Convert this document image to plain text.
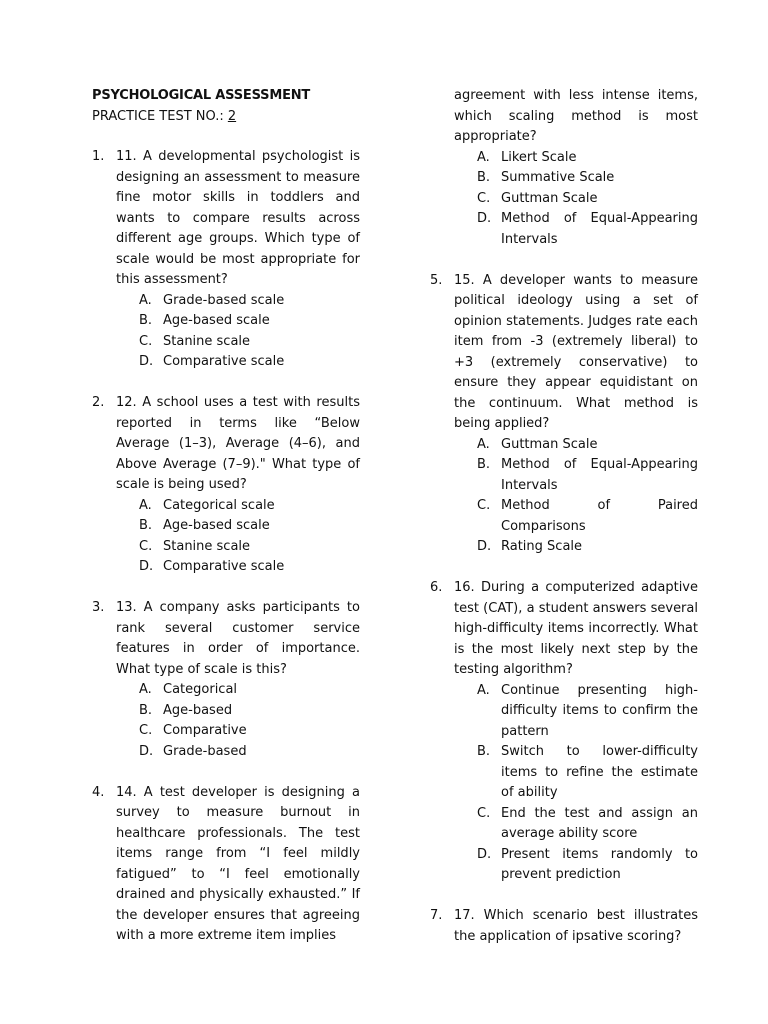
PSYCHOLOGICAL ASSESSMENT

PRACTICE TEST NO.: 2

1. 11. A developmental psychologist is designing an assessment to measure fine motor skills in toddlers and wants to compare results across different age groups. Which type of scale would be most appropriate for this assessment?

A. Grade-based scale
B. Age-based scale
C. Stanine scale
D. Comparative scale
2. 12. A school uses a test with results reported in terms like “Below Average (1–3), Average (4–6), and Above Average (7–9)." What type of scale is being used?

A. Categorical scale
B. Age-based scale
C. Stanine scale
D. Comparative scale
3. 13. A company asks participants to rank several customer service features in order of importance. What type of scale is this?

A. Categorical
B. Age-based
C. Comparative
D. Grade-based
4. 14. A test developer is designing a survey to measure burnout in healthcare professionals. The test items range from “I feel mildly fatigued” to “I feel emotionally drained and physically exhausted.” If the developer ensures that agreeing with a more extreme item implies

agreement with less intense items, which scaling method is most appropriate?

A. Likert Scale
B. Summative Scale
C. Guttman Scale
D. Method of Equal-Appearing Intervals
5. 15. A developer wants to measure political ideology using a set of opinion statements. Judges rate each item from -3 (extremely liberal) to +3 (extremely conservative) to ensure they appear equidistant on the continuum. What method is being applied?

A. Guttman Scale
B. Method of Equal-Appearing Intervals
C. Method of Paired Comparisons
D. Rating Scale
6. 16. During a computerized adaptive test (CAT), a student answers several high-difficulty items incorrectly. What is the most likely next step by the testing algorithm?

A. Continue presenting high-difficulty items to confirm the pattern
B. Switch to lower-difficulty items to refine the estimate of ability
C. End the test and assign an average ability score
D. Present items randomly to prevent prediction
7. 17. Which scenario best illustrates the application of ipsative scoring?
